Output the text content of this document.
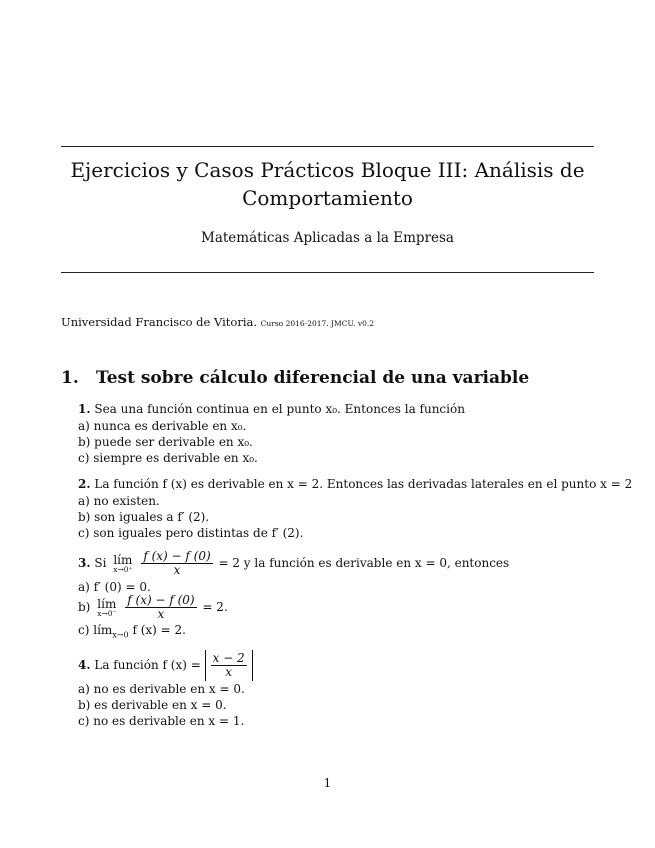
Ejercicios y Casos Prácticos Bloque III: Análisis de
Comportamiento
Matemáticas Aplicadas a la Empresa
Universidad Francisco de Vitoria. Curso 2016-2017. JMCU. v0.2
1. Test sobre cálculo diferencial de una variable
1. Sea una función continua en el punto x₀. Entonces la función
a) nunca es derivable en x₀.
b) puede ser derivable en x₀.
c) siempre es derivable en x₀.
2. La función f (x) es derivable en x = 2. Entonces las derivadas laterales en el punto x = 2
a) no existen.
b) son iguales a f′ (2).
c) son iguales pero distintas de f′ (2).
3. Si lím
x→0⁺
$\frac{f (x) - f (0)}{x} = 2$ y la función es derivable en x = 0, entonces
a) f′ (0) = 0.
b) lím
x→0⁻
$\frac{f (x) - f (0)}{x} = 2$.
c) lím$_{x\to 0}$ f (x) = 2.
4. La función f $(x) = \frac{x - 2}{x}$
a) no es derivable en x = 0.
b) es derivable en x = 0.
c) no es derivable en x = 1.
1
